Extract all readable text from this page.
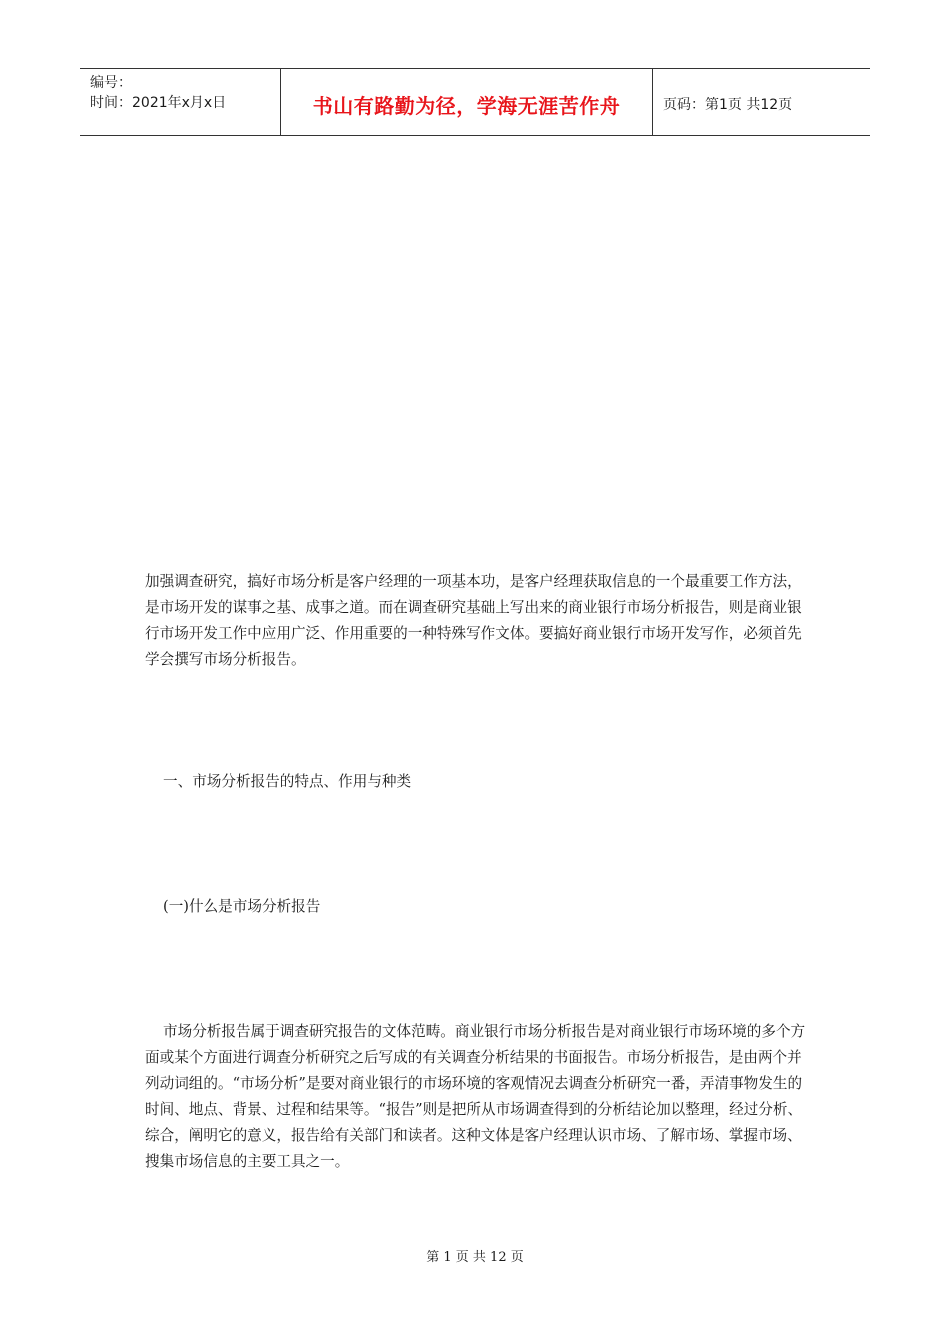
编号：
时间：2021年x月x日	书山有路勤为径，学海无涯苦作舟	页码：第1页 共12页

加强调查研究，搞好市场分析是客户经理的一项基本功，是客户经理获取信息的一个最重要工作方法，是市场开发的谋事之基、成事之道。而在调查研究基础上写出来的商业银行市场分析报告，则是商业银行市场开发工作中应用广泛、作用重要的一种特殊写作文体。要搞好商业银行市场开发写作，必须首先学会撰写市场分析报告。

一、市场分析报告的特点、作用与种类

(一)什么是市场分析报告

市场分析报告属于调查研究报告的文体范畴。商业银行市场分析报告是对商业银行市场环境的多个方面或某个方面进行调查分析研究之后写成的有关调查分析结果的书面报告。市场分析报告，是由两个并列动词组的。“市场分析”是要对商业银行的市场环境的客观情况去调查分析研究一番，弄清事物发生的时间、地点、背景、过程和结果等。“报告”则是把所从市场调查得到的分析结论加以整理，经过分析、综合，阐明它的意义，报告给有关部门和读者。这种文体是客户经理认识市场、了解市场、掌握市场、搜集市场信息的主要工具之一。

第 1 页 共 12 页
